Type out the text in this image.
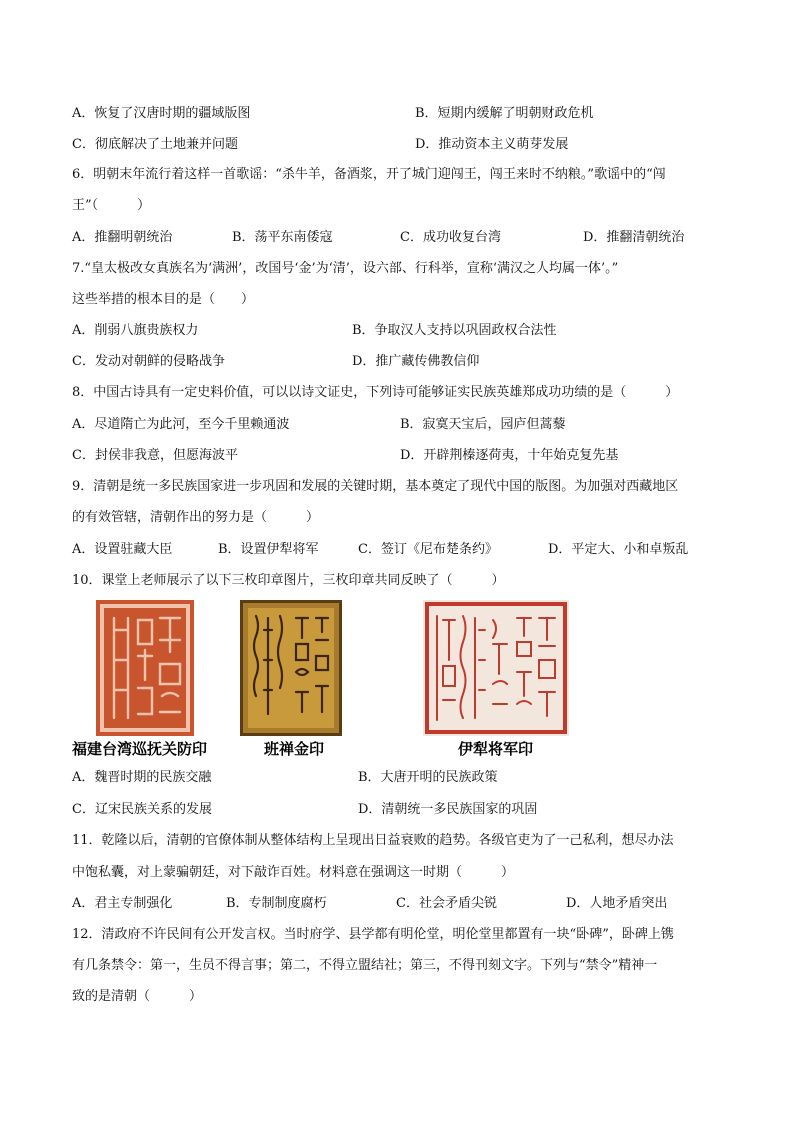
A．恢复了汉唐时期的疆域版图	B．短期内缓解了明朝财政危机
C．彻底解决了土地兼并问题	D．推动资本主义萌芽发展
6．明朝末年流行着这样一首歌谣：“杀牛羊，备酒浆，开了城门迎闯王，闯王来时不纳粮。”歌谣中的“闯
王”（　　　）
A．推翻明朝统治	B．荡平东南倭寇	C．成功收复台湾	D．推翻清朝统治
7.“皇太极改女真族名为‘满洲’，改国号‘金’为‘清’，设六部、行科举，宣称‘满汉之人均属一体’。”
这些举措的根本目的是（　　）
A．削弱八旗贵族权力	B．争取汉人支持以巩固政权合法性
C．发动对朝鲜的侵略战争	D．推广藏传佛教信仰
8．中国古诗具有一定史料价值，可以以诗文证史，下列诗可能够证实民族英雄郑成功功绩的是（　　　）
A．尽道隋亡为此河，至今千里赖通波	B．寂寞天宝后，园庐但蒿藜
C．封侯非我意，但愿海波平	D．开辟荆榛逐荷夷，十年始克复先基
9．清朝是统一多民族国家进一步巩固和发展的关键时期，基本奠定了现代中国的版图。为加强对西藏地区
的有效管辖，清朝作出的努力是（　　　）
A．设置驻藏大臣	B．设置伊犁将军	C．签订《尼布楚条约》	D．平定大、小和卓叛乱
10．课堂上老师展示了以下三枚印章图片，三枚印章共同反映了（　　　）
福建台湾巡抚关防印	班禅金印	伊犁将军印
A．魏晋时期的民族交融	B．大唐开明的民族政策
C．辽宋民族关系的发展	D．清朝统一多民族国家的巩固
11．乾隆以后，清朝的官僚体制从整体结构上呈现出日益衰败的趋势。各级官吏为了一己私利，想尽办法
中饱私囊，对上蒙骗朝廷，对下敲诈百姓。材料意在强调这一时期（　　　）
A．君主专制强化	B．专制制度腐朽	C．社会矛盾尖锐	D．人地矛盾突出
12．清政府不许民间有公开发言权。当时府学、县学都有明伦堂，明伦堂里都置有一块“卧碑”，卧碑上镌
有几条禁令：第一，生员不得言事；第二，不得立盟结社；第三，不得刊刻文字。下列与“禁令”精神一
致的是清朝（　　　）
